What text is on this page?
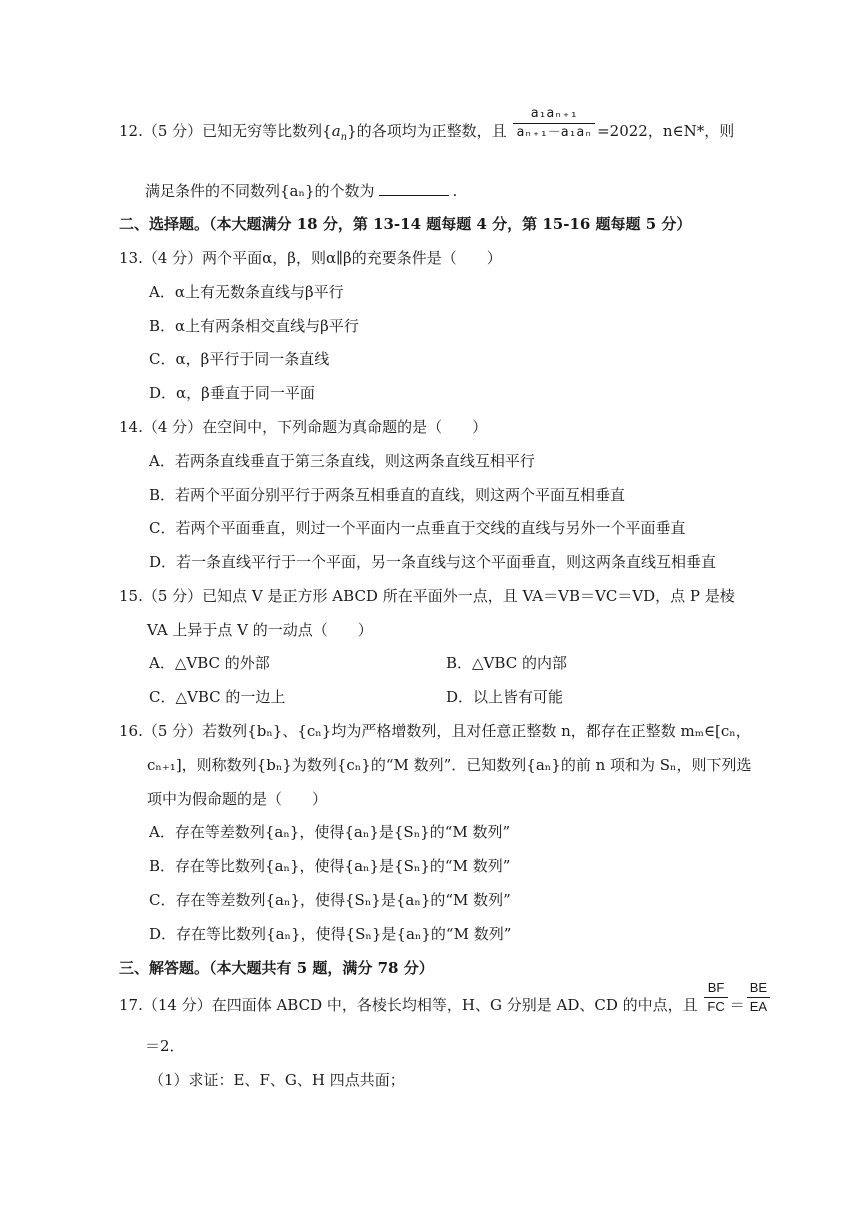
12.（5 分）已知无穷等比数列$\{a_n\}$的各项均为正整数，且 $\frac{\text{a₁aₙ₊₁}}{\text{aₙ₊₁－a₁aₙ}} =2022$，n∈N*，则
满足条件的不同数列{aₙ}的个数为	.
二、选择题。（本大题满分 18 分，第 13-14 题每题 4 分，第 15-16 题每题 5 分）
13.（4 分）两个平面α，β，则α∥β的充要条件是（　　）
A．α上有无数条直线与β平行
B．α上有两条相交直线与β平行
C．α，β平行于同一条直线
D．α，β垂直于同一平面
14.（4 分）在空间中，下列命题为真命题的是（　　）
A．若两条直线垂直于第三条直线，则这两条直线互相平行
B．若两个平面分别平行于两条互相垂直的直线，则这两个平面互相垂直
C．若两个平面垂直，则过一个平面内一点垂直于交线的直线与另外一个平面垂直
D．若一条直线平行于一个平面，另一条直线与这个平面垂直，则这两条直线互相垂直
15.（5 分）已知点 V 是正方形 ABCD 所在平面外一点，且 VA＝VB＝VC＝VD，点 P 是棱
VA 上异于点 V 的一动点（　　）
A．△VBC 的外部	B．△VBC 的内部
C．△VBC 的一边上	D．以上皆有可能
16.（5 分）若数列{bₙ}、{cₙ}均为严格增数列，且对任意正整数 n，都存在正整数 mₘ∈[cₙ，
cₙ₊₁]，则称数列{bₙ}为数列{cₙ}的“M 数列”．已知数列{aₙ}的前 n 项和为 Sₙ，则下列选
项中为假命题的是（　　）
A．存在等差数列{aₙ}，使得{aₙ}是{Sₙ}的“M 数列”
B．存在等比数列{aₙ}，使得{aₙ}是{Sₙ}的“M 数列”
C．存在等差数列{aₙ}，使得{Sₙ}是{aₙ}的“M 数列”
D．存在等比数列{aₙ}，使得{Sₙ}是{aₙ}的“M 数列”
三、解答题。（本大题共有 5 题，满分 78 分）
17.（14 分）在四面体 ABCD 中，各棱长均相等，H、G 分别是 AD、CD 的中点，且 $\frac{BF}{FC} = \frac{BE}{EA}$
＝2．
（1）求证：E、F、G、H 四点共面；
